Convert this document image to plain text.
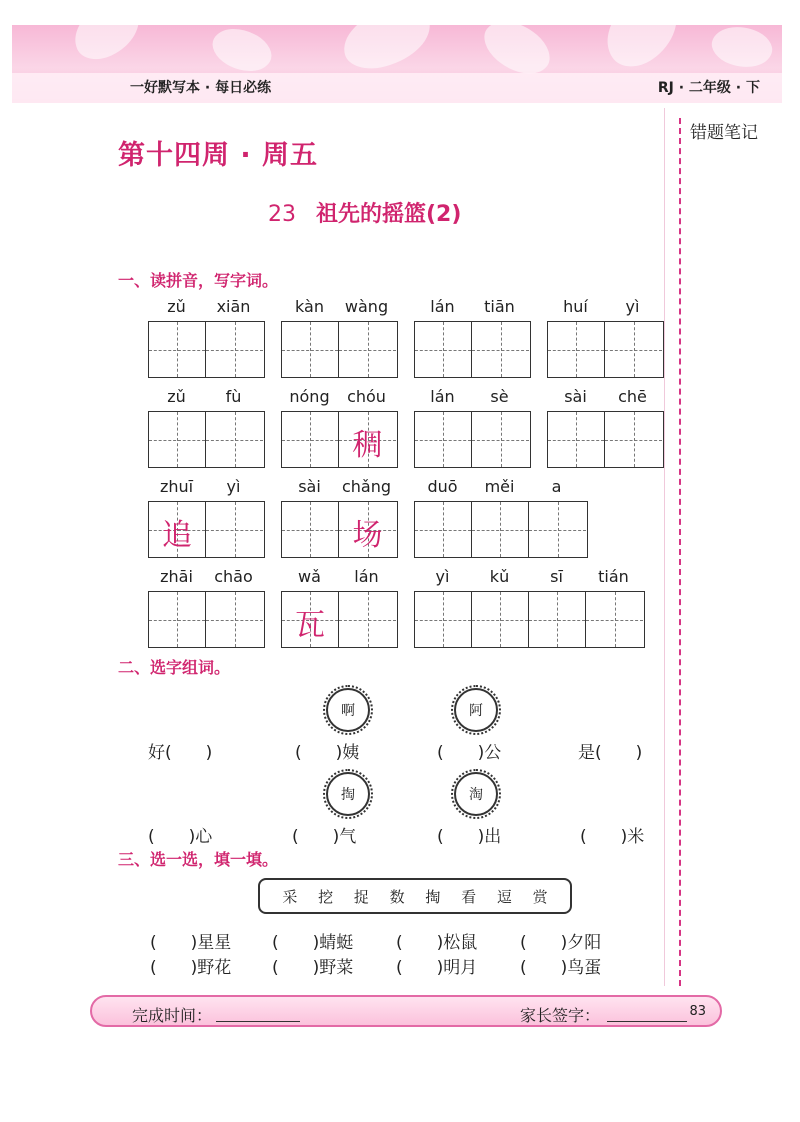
一好默写本 · 每日必练	RJ · 二年级 · 下
错题笔记
第十四周 · 周五
23 祖先的摇篮(2)
一、读拼音，写字词。
zǔ	xiān	kàn	wàng	lán	tiān	huí	yì
zǔ	fù	nóng	chóu
稠
lán	sè	sài	chē
zhuī	yì
追
sài	chǎng
场
duō	měi	a
zhāi	chāo	wǎ	lán
瓦
yì	kǔ	sī	tián
二、选字组词。
啊	阿
好(　　)	(　　)姨	(　　)公	是(　　)
掏	淘
(　　)心	(　　)气	(　　)出	(　　)米
三、选一选，填一填。
采 挖 捉 数 掏 看 逗 赏
(　　)星星 (　　)蜻蜓	(　　)松鼠	(　　)夕阳
(　　)野花 (　　)野菜	(　　)明月	(　　)鸟蛋
完成时间：	家长签字：	83
